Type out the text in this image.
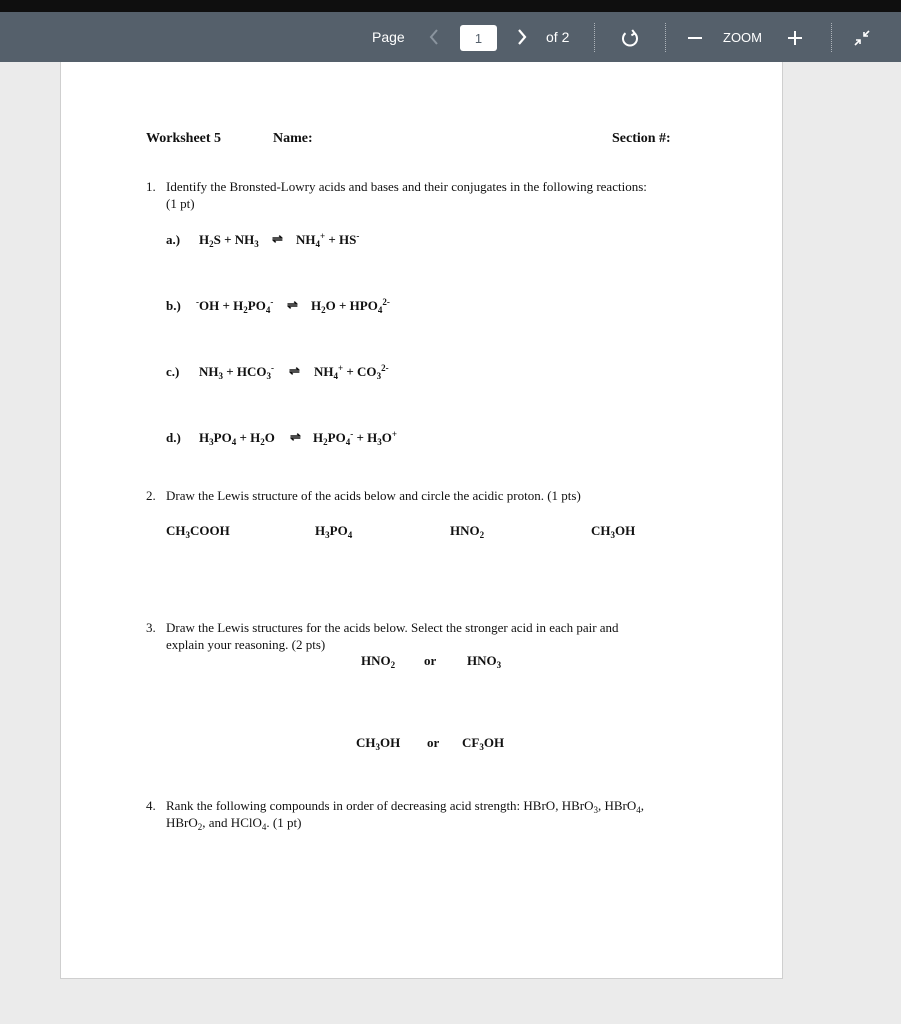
Page
1	of 2	ZOOM
Worksheet 5	Name:	Section #:
1. Identify the Bronsted-Lowry acids and bases and their conjugates in the following reactions:
(1 pt)
a.) $H_2S + NH_3$ ⇌ $NH_4^+ + HS^-$
b.) $^-OH + H_2PO_4^-$ ⇌ $H_2O + HPO_4^{2-}$
c.) $NH_3 + HCO_3^-$ ⇌ $NH_4^+ + CO_3^{2-}$
d.) $H_3PO_4 + H_2O$ ⇌ $H_2PO_4^- + H_3O^+$
2. Draw the Lewis structure of the acids below and circle the acidic proton. (1 pts)
$CH_3COOH$	$H_3PO_4$	$HNO_2$	$CH_3OH$
3. Draw the Lewis structures for the acids below. Select the stronger acid in each pair and
explain your reasoning. (2 pts)
$HNO_2$ or $HNO_3$
$CH_3OH$ or $CF_3OH$
4. Rank the following compounds in order of decreasing acid strength: HBrO, HBrO$_3$, HBrO$_4$,
HBrO$_2$, and HClO$_4$. (1 pt)
